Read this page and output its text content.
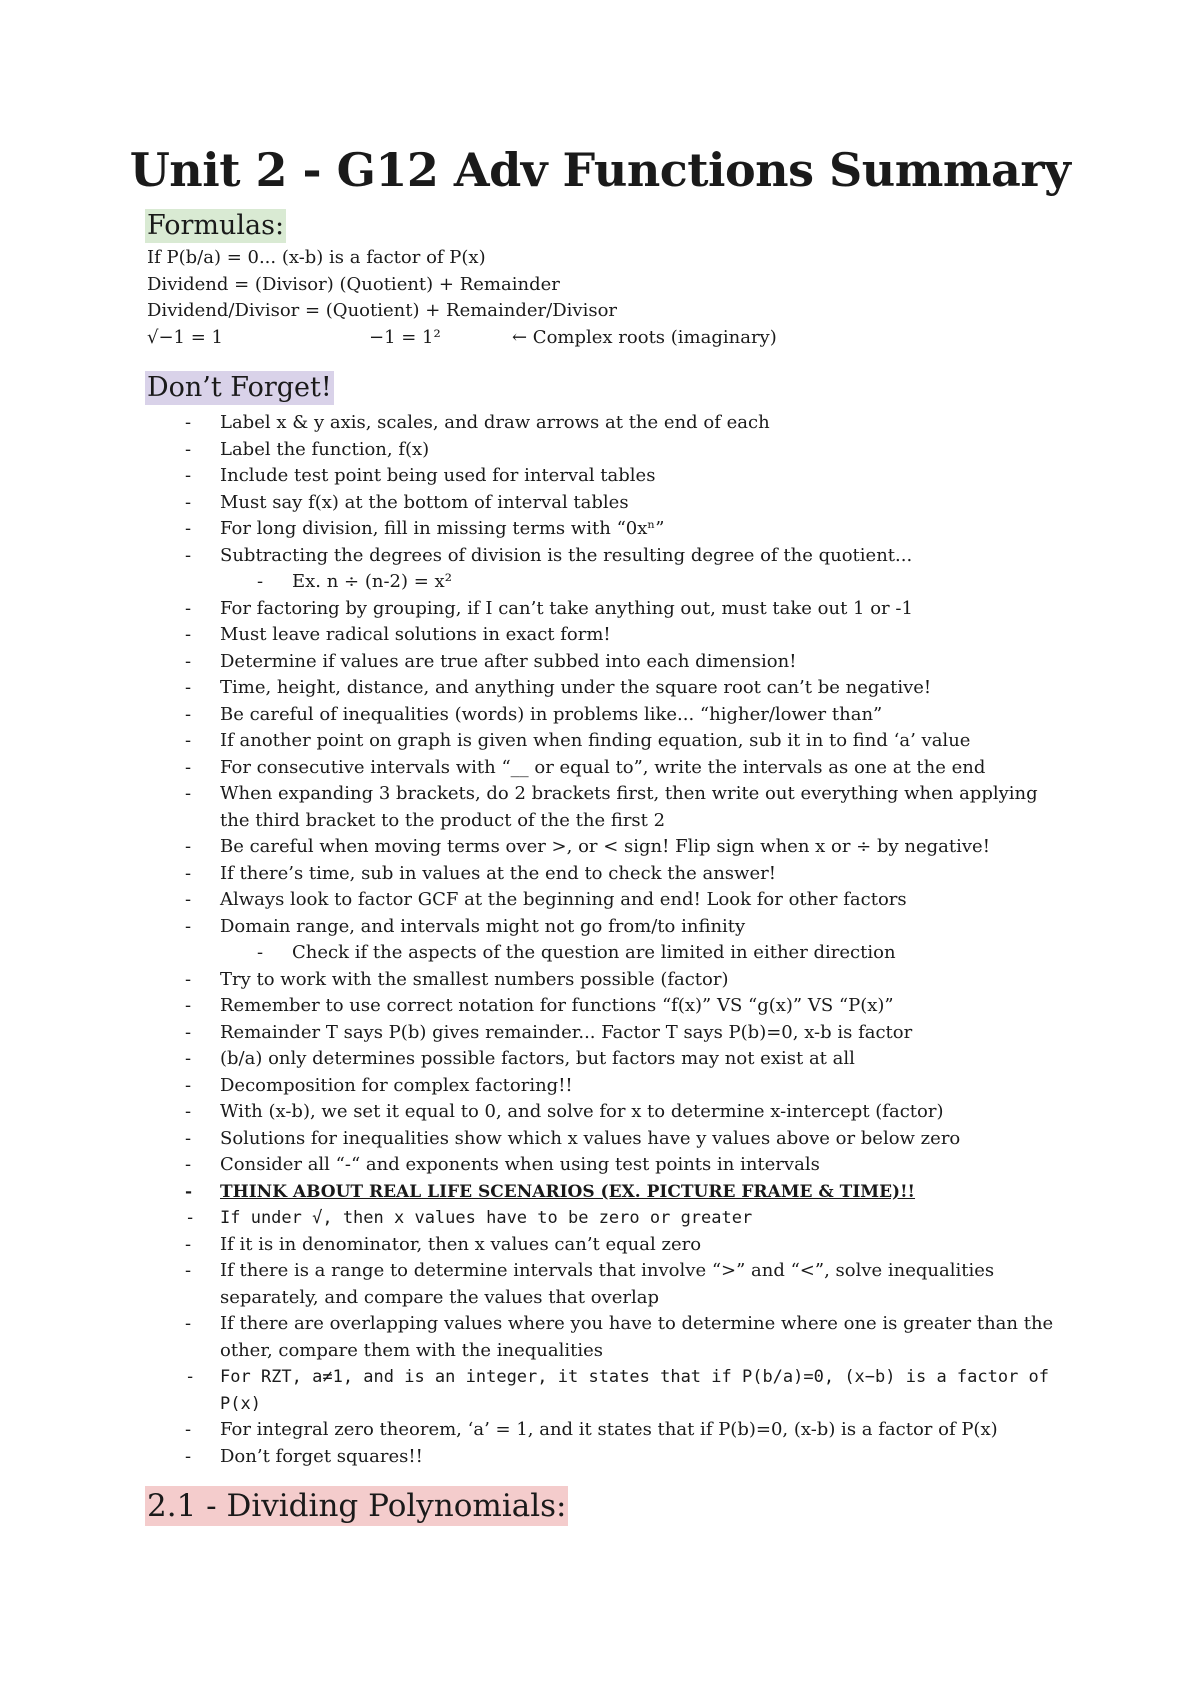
Unit 2 - G12 Adv Functions Summary
Formulas:
If P(b/a) = 0... (x-b) is a factor of P(x)
Dividend = (Divisor) (Quotient) + Remainder
Dividend/Divisor = (Quotient) + Remainder/Divisor
√−1 = 1	−1 = 1²	← Complex roots (imaginary)
Don’t Forget!
- Label x & y axis, scales, and draw arrows at the end of each
- Label the function, f(x)
- Include test point being used for interval tables
- Must say f(x) at the bottom of interval tables
- For long division, fill in missing terms with “0xⁿ”
- Subtracting the degrees of division is the resulting degree of the quotient...
- Ex. n ÷ (n-2) = x²
- For factoring by grouping, if I can’t take anything out, must take out 1 or -1
- Must leave radical solutions in exact form!
- Determine if values are true after subbed into each dimension!
- Time, height, distance, and anything under the square root can’t be negative!
- Be careful of inequalities (words) in problems like... “higher/lower than”
- If another point on graph is given when finding equation, sub it in to find ‘a’ value
- For consecutive intervals with “__ or equal to”, write the intervals as one at the end
- When expanding 3 brackets, do 2 brackets first, then write out everything when applying the third bracket to the product of the the first 2
- Be careful when moving terms over >, or < sign! Flip sign when x or ÷ by negative!
- If there’s time, sub in values at the end to check the answer!
- Always look to factor GCF at the beginning and end! Look for other factors
- Domain range, and intervals might not go from/to infinity
- Check if the aspects of the question are limited in either direction
- Try to work with the smallest numbers possible (factor)
- Remember to use correct notation for functions “f(x)” VS “g(x)” VS “P(x)”
- Remainder T says P(b) gives remainder... Factor T says P(b)=0, x-b is factor
- (b/a) only determines possible factors, but factors may not exist at all
- Decomposition for complex factoring!!
- With (x-b), we set it equal to 0, and solve for x to determine x-intercept (factor)
- Solutions for inequalities show which x values have y values above or below zero
- Consider all “-“ and exponents when using test points in intervals
- THINK ABOUT REAL LIFE SCENARIOS (EX. PICTURE FRAME & TIME)!!
- If under √, then x values have to be zero or greater
- If it is in denominator, then x values can’t equal zero
- If there is a range to determine intervals that involve “>” and “<”, solve inequalities separately, and compare the values that overlap
- If there are overlapping values where you have to determine where one is greater than the other, compare them with the inequalities
- For RZT, a≠1, and is an integer, it states that if P(b/a)=0, (x−b) is a factor of P(x)
- For integral zero theorem, ‘a’ = 1, and it states that if P(b)=0, (x-b) is a factor of P(x)
- Don’t forget squares!!
2.1 - Dividing Polynomials:
